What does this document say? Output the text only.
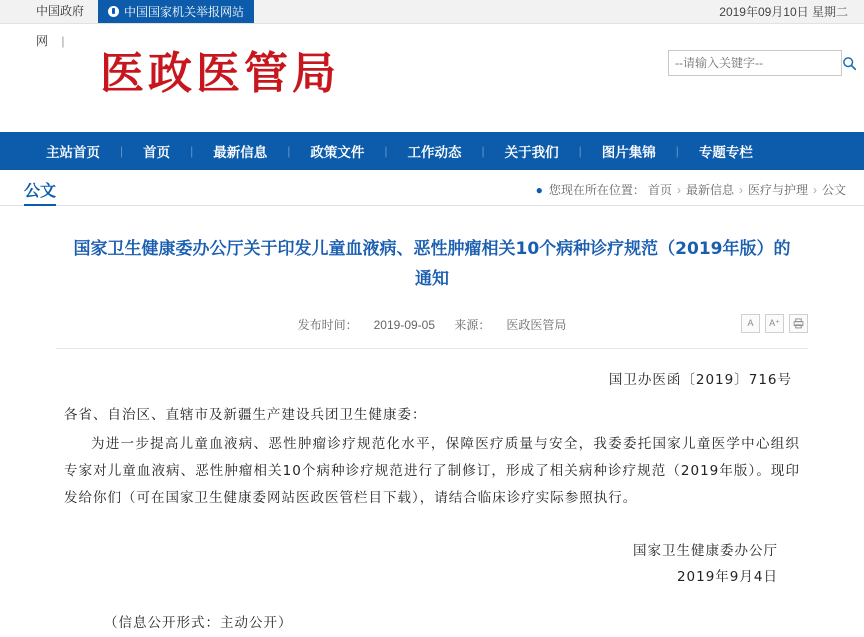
中国政府	中国国家机关举报网站	2019年09月10日 星期二
网 |
医政医管局
--请输入关键字--
主站首页	|	首页	|	最新信息	|	政策文件	|	工作动态	|	关于我们	|	图片集锦	|	专题专栏
公文	● 您现在所在位置： 首页 › 最新信息 › 医疗与护理 › 公文
国家卫生健康委办公厅关于印发儿童血液病、恶性肿瘤相关10个病种诊疗规范（2019年版）的通知
发布时间： 2019-09-05 来源： 医政医管局	A	A⁺
国卫办医函〔2019〕716号
各省、自治区、直辖市及新疆生产建设兵团卫生健康委：
为进一步提高儿童血液病、恶性肿瘤诊疗规范化水平，保障医疗质量与安全，我委委托国家儿童医学中心组织专家对儿童血液病、恶性肿瘤相关10个病种诊疗规范进行了制修订，形成了相关病种诊疗规范（2019年版）。现印发给你们（可在国家卫生健康委网站医政医管栏目下载），请结合临床诊疗实际参照执行。
国家卫生健康委办公厅
2019年9月4日
（信息公开形式：主动公开）
